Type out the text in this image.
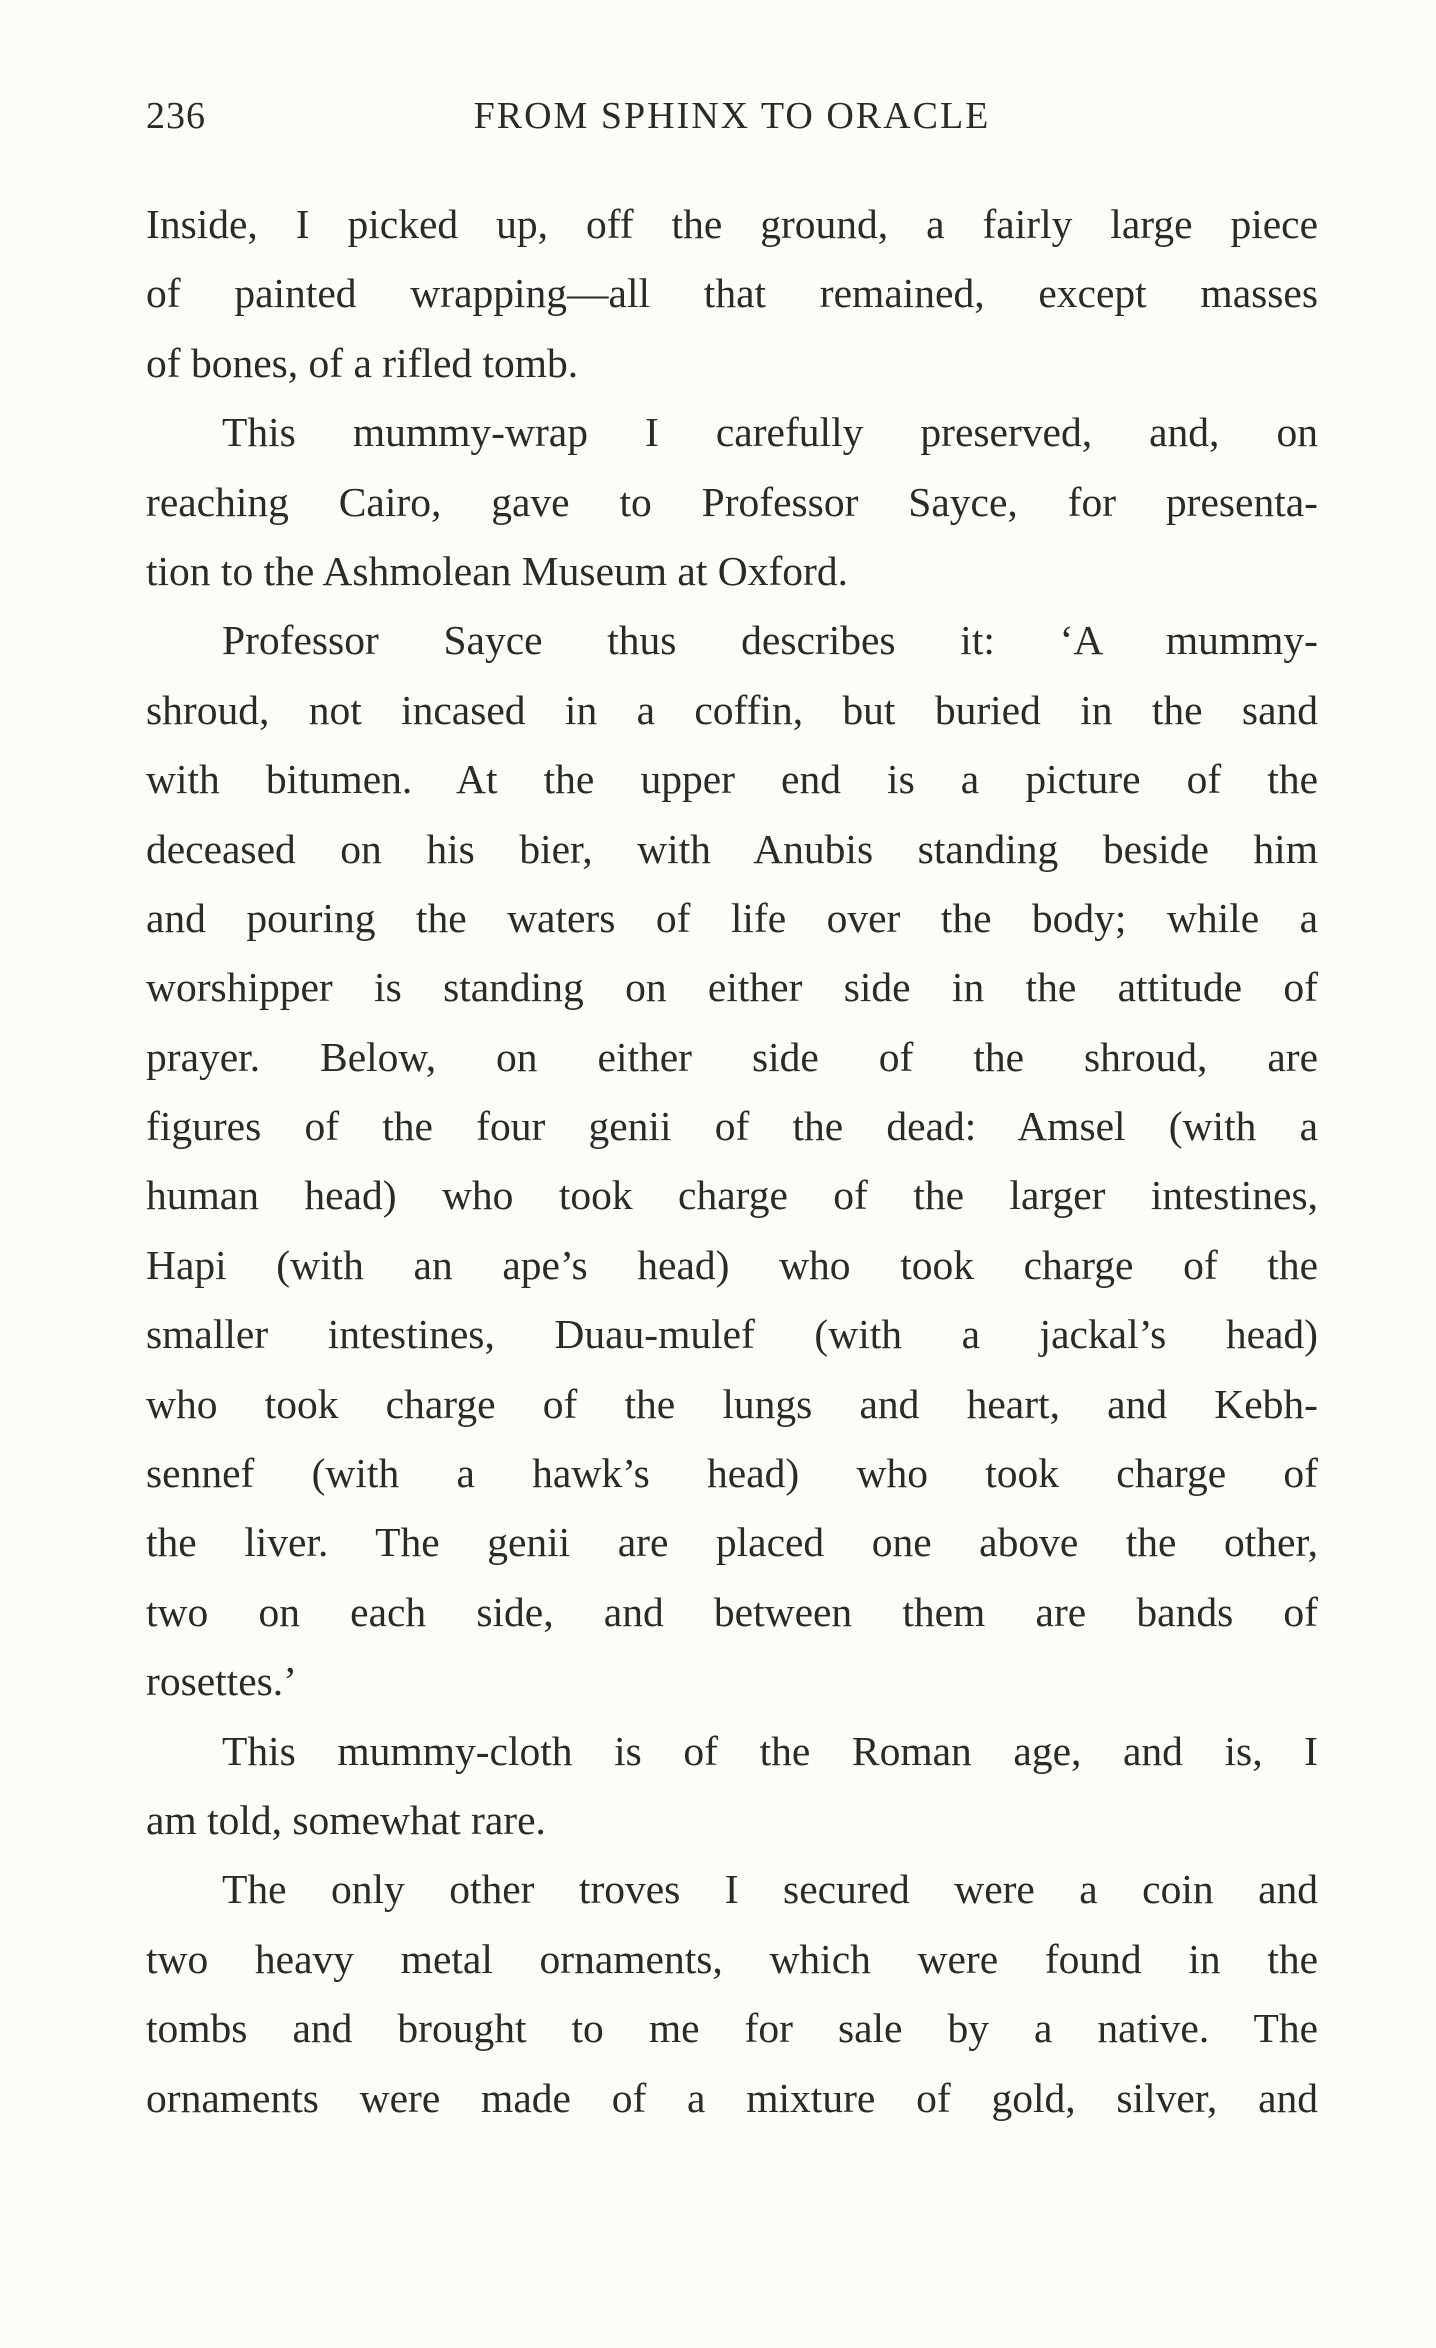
236	FROM SPHINX TO ORACLE
Inside, I picked up, off the ground, a fairly large piece
of painted wrapping—all that remained, except masses
of bones, of a rifled tomb.
This mummy-wrap I carefully preserved, and, on
reaching Cairo, gave to Professor Sayce, for presenta-
tion to the Ashmolean Museum at Oxford.
Professor Sayce thus describes it: ‘A mummy-
shroud, not incased in a coffin, but buried in the sand
with bitumen. At the upper end is a picture of the
deceased on his bier, with Anubis standing beside him
and pouring the waters of life over the body; while a
worshipper is standing on either side in the attitude of
prayer. Below, on either side of the shroud, are
figures of the four genii of the dead: Amsel (with a
human head) who took charge of the larger intestines,
Hapi (with an ape’s head) who took charge of the
smaller intestines, Duau-mulef (with a jackal’s head)
who took charge of the lungs and heart, and Kebh-
sennef (with a hawk’s head) who took charge of
the liver. The genii are placed one above the other,
two on each side, and between them are bands of
rosettes.’
This mummy-cloth is of the Roman age, and is, I
am told, somewhat rare.
The only other troves I secured were a coin and
two heavy metal ornaments, which were found in the
tombs and brought to me for sale by a native. The
ornaments were made of a mixture of gold, silver, and
